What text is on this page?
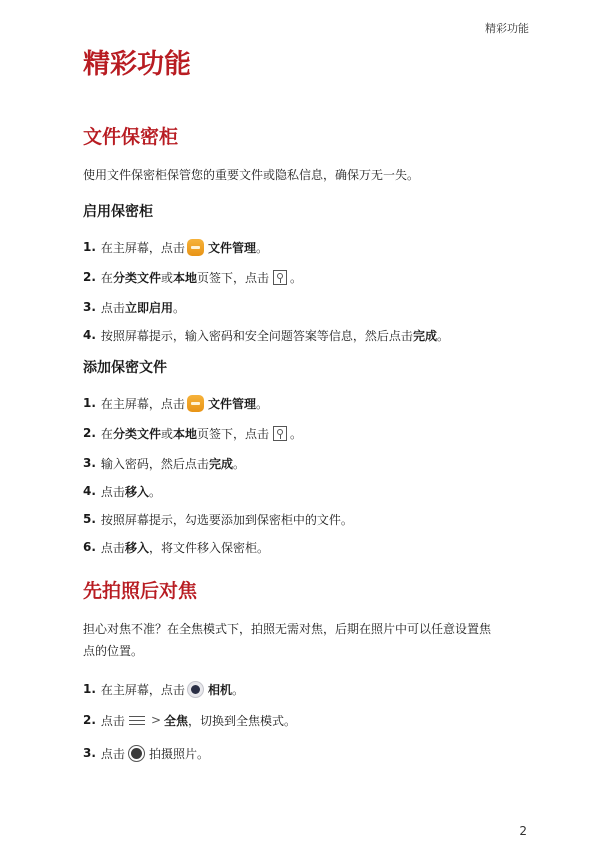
精彩功能
精彩功能
文件保密柜

使用文件保密柜保管您的重要文件或隐私信息，确保万无一失。

启用保密柜
1. 在主屏幕，点击 文件管理 。
2. 在 分类文件 或 本地 页签下，点击 。
3. 点击 立即启用 。
4. 按照屏幕提示，输入密码和安全问题答案等信息，然后点击 完成 。
添加保密文件
1. 在主屏幕，点击 文件管理 。
2. 在 分类文件 或 本地 页签下，点击 。
3. 输入密码，然后点击 完成 。
4. 点击 移入 。
5. 按照屏幕提示，勾选要添加到保密柜中的文件。
6. 点击 移入 ，将文件移入保密柜。
先拍照后对焦

担心对焦不准？在全焦模式下，拍照无需对焦，后期在照片中可以任意设置焦

点的位置。

1. 在主屏幕，点击 相机 。
2. 点击 > 全焦 ，切换到全焦模式。
3. 点击 拍摄照片。
2
